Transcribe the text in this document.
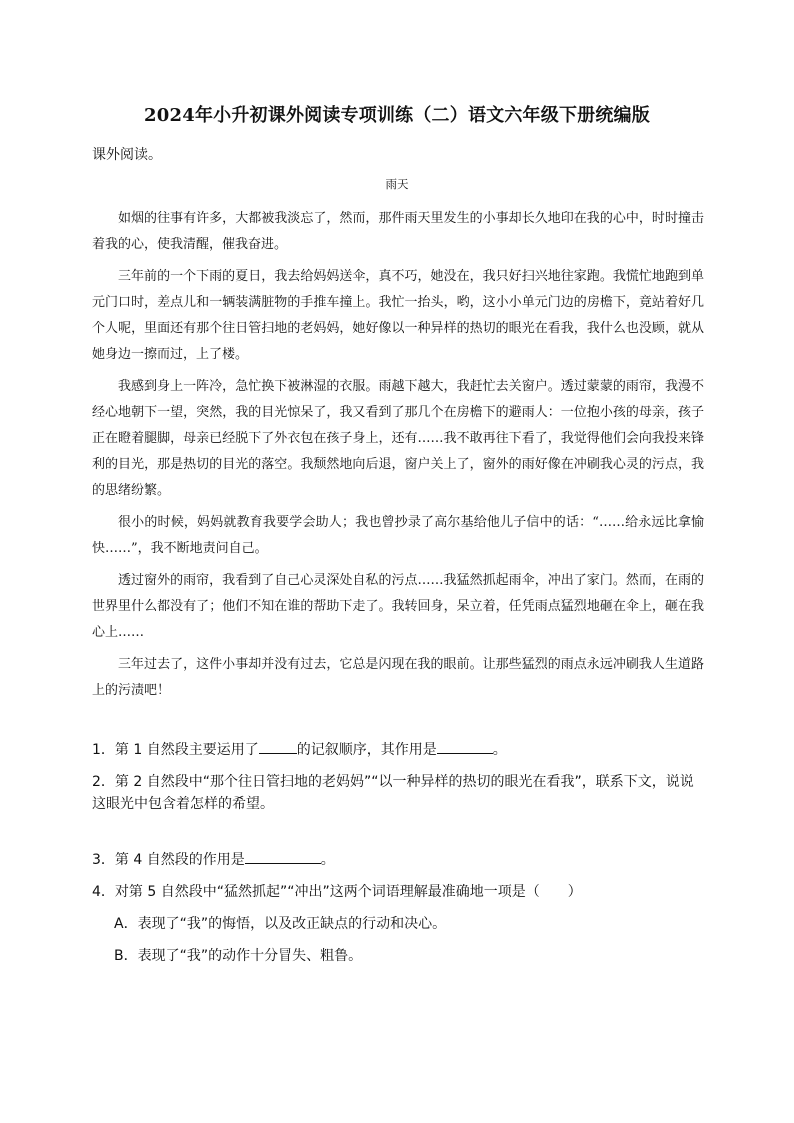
2024年小升初课外阅读专项训练（二）语文六年级下册统编版
课外阅读。
雨天

如烟的往事有许多，大都被我淡忘了，然而，那件雨天里发生的小事却长久地印在我的心中，时时撞击着我的心，使我清醒，催我奋进。

三年前的一个下雨的夏日，我去给妈妈送伞，真不巧，她没在，我只好扫兴地往家跑。我慌忙地跑到单元门口时，差点儿和一辆装满脏物的手推车撞上。我忙一抬头，哟，这小小单元门边的房檐下，竟站着好几个人呢，里面还有那个往日管扫地的老妈妈，她好像以一种异样的热切的眼光在看我，我什么也没顾，就从她身边一擦而过，上了楼。

我感到身上一阵冷，急忙换下被淋湿的衣服。雨越下越大，我赶忙去关窗户。透过蒙蒙的雨帘，我漫不经心地朝下一望，突然，我的目光惊呆了，我又看到了那几个在房檐下的避雨人：一位抱小孩的母亲，孩子正在瞪着腿脚，母亲已经脱下了外衣包在孩子身上，还有……我不敢再往下看了，我觉得他们会向我投来锋利的目光，那是热切的目光的落空。我颓然地向后退，窗户关上了，窗外的雨好像在冲刷我心灵的污点，我的思绪纷繁。

很小的时候，妈妈就教育我要学会助人；我也曾抄录了高尔基给他儿子信中的话：“……给永远比拿愉快……”，我不断地责问自己。

透过窗外的雨帘，我看到了自己心灵深处自私的污点……我猛然抓起雨伞，冲出了家门。然而，在雨的世界里什么都没有了；他们不知在谁的帮助下走了。我转回身，呆立着，任凭雨点猛烈地砸在伞上，砸在我心上……

三年过去了，这件小事却并没有过去，它总是闪现在我的眼前。让那些猛烈的雨点永远冲刷我人生道路上的污渍吧！

1．第 1 自然段主要运用了	的记叙顺序，其作用是	。
2．第 2 自然段中“那个往日管扫地的老妈妈”“以一种异样的热切的眼光在看我”，联系下文，说说这眼光中包含着怎样的希望。
3．第 4 自然段的作用是	。
4．对第 5 自然段中“猛然抓起”“冲出”这两个词语理解最准确地一项是（　　）
A．表现了“我”的悔悟，以及改正缺点的行动和决心。
B．表现了“我”的动作十分冒失、粗鲁。
